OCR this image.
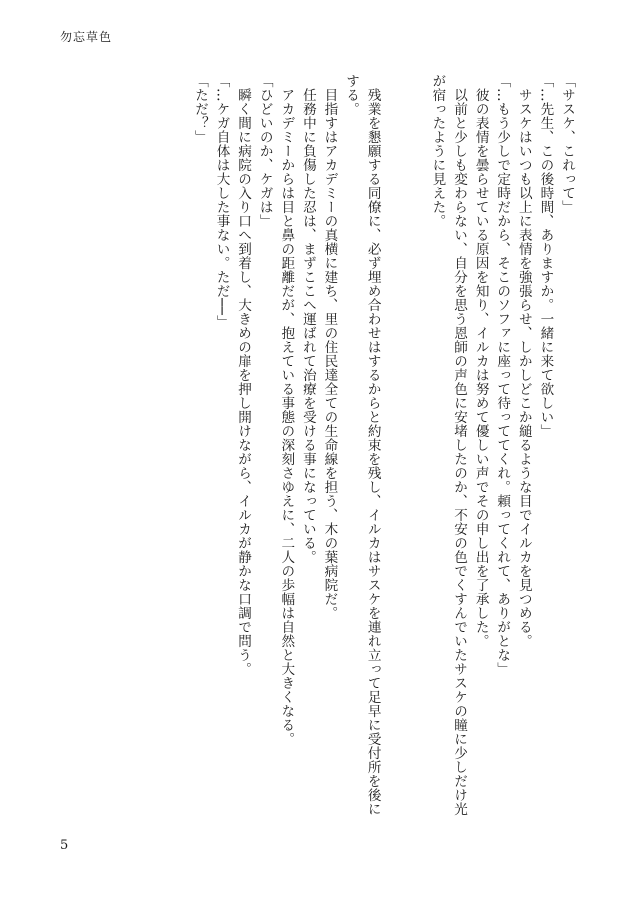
勿忘草色
「サスケ、これって」
「…先生、この後時間、ありますか。一緒に来て欲しい」
　サスケはいつも以上に表情を強張らせ、しかしどこか縋るような目でイルカを見つめる。
「…もう少しで定時だから、そこのソファに座って待っててくれ。頼ってくれて、ありがとな」
　彼の表情を曇らせている原因を知り、イルカは努めて優しい声でその申し出を了承した。
　以前と少しも変わらない、自分を思う恩師の声色に安堵したのか、不安の色でくすんでいたサスケの瞳に少しだけ光
が宿ったように見えた。
　残業を懇願する同僚に、必ず埋め合わせはするからと約束を残し、イルカはサスケを連れ立って足早に受付所を後に
する。
　目指すはアカデミーの真横に建ち、里の住民達全ての生命線を担う、木の葉病院だ。
　任務中に負傷した忍は、まずここへ運ばれて治療を受ける事になっている。
　アカデミーからは目と鼻の距離だが、抱えている事態の深刻さゆえに、二人の歩幅は自然と大きくなる。
「ひどいのか、ケガは」
　瞬く間に病院の入り口へ到着し、大きめの扉を押し開けながら、イルカが静かな口調で問う。
「…ケガ自体は大した事ない。ただ──」
「ただ？」
5
